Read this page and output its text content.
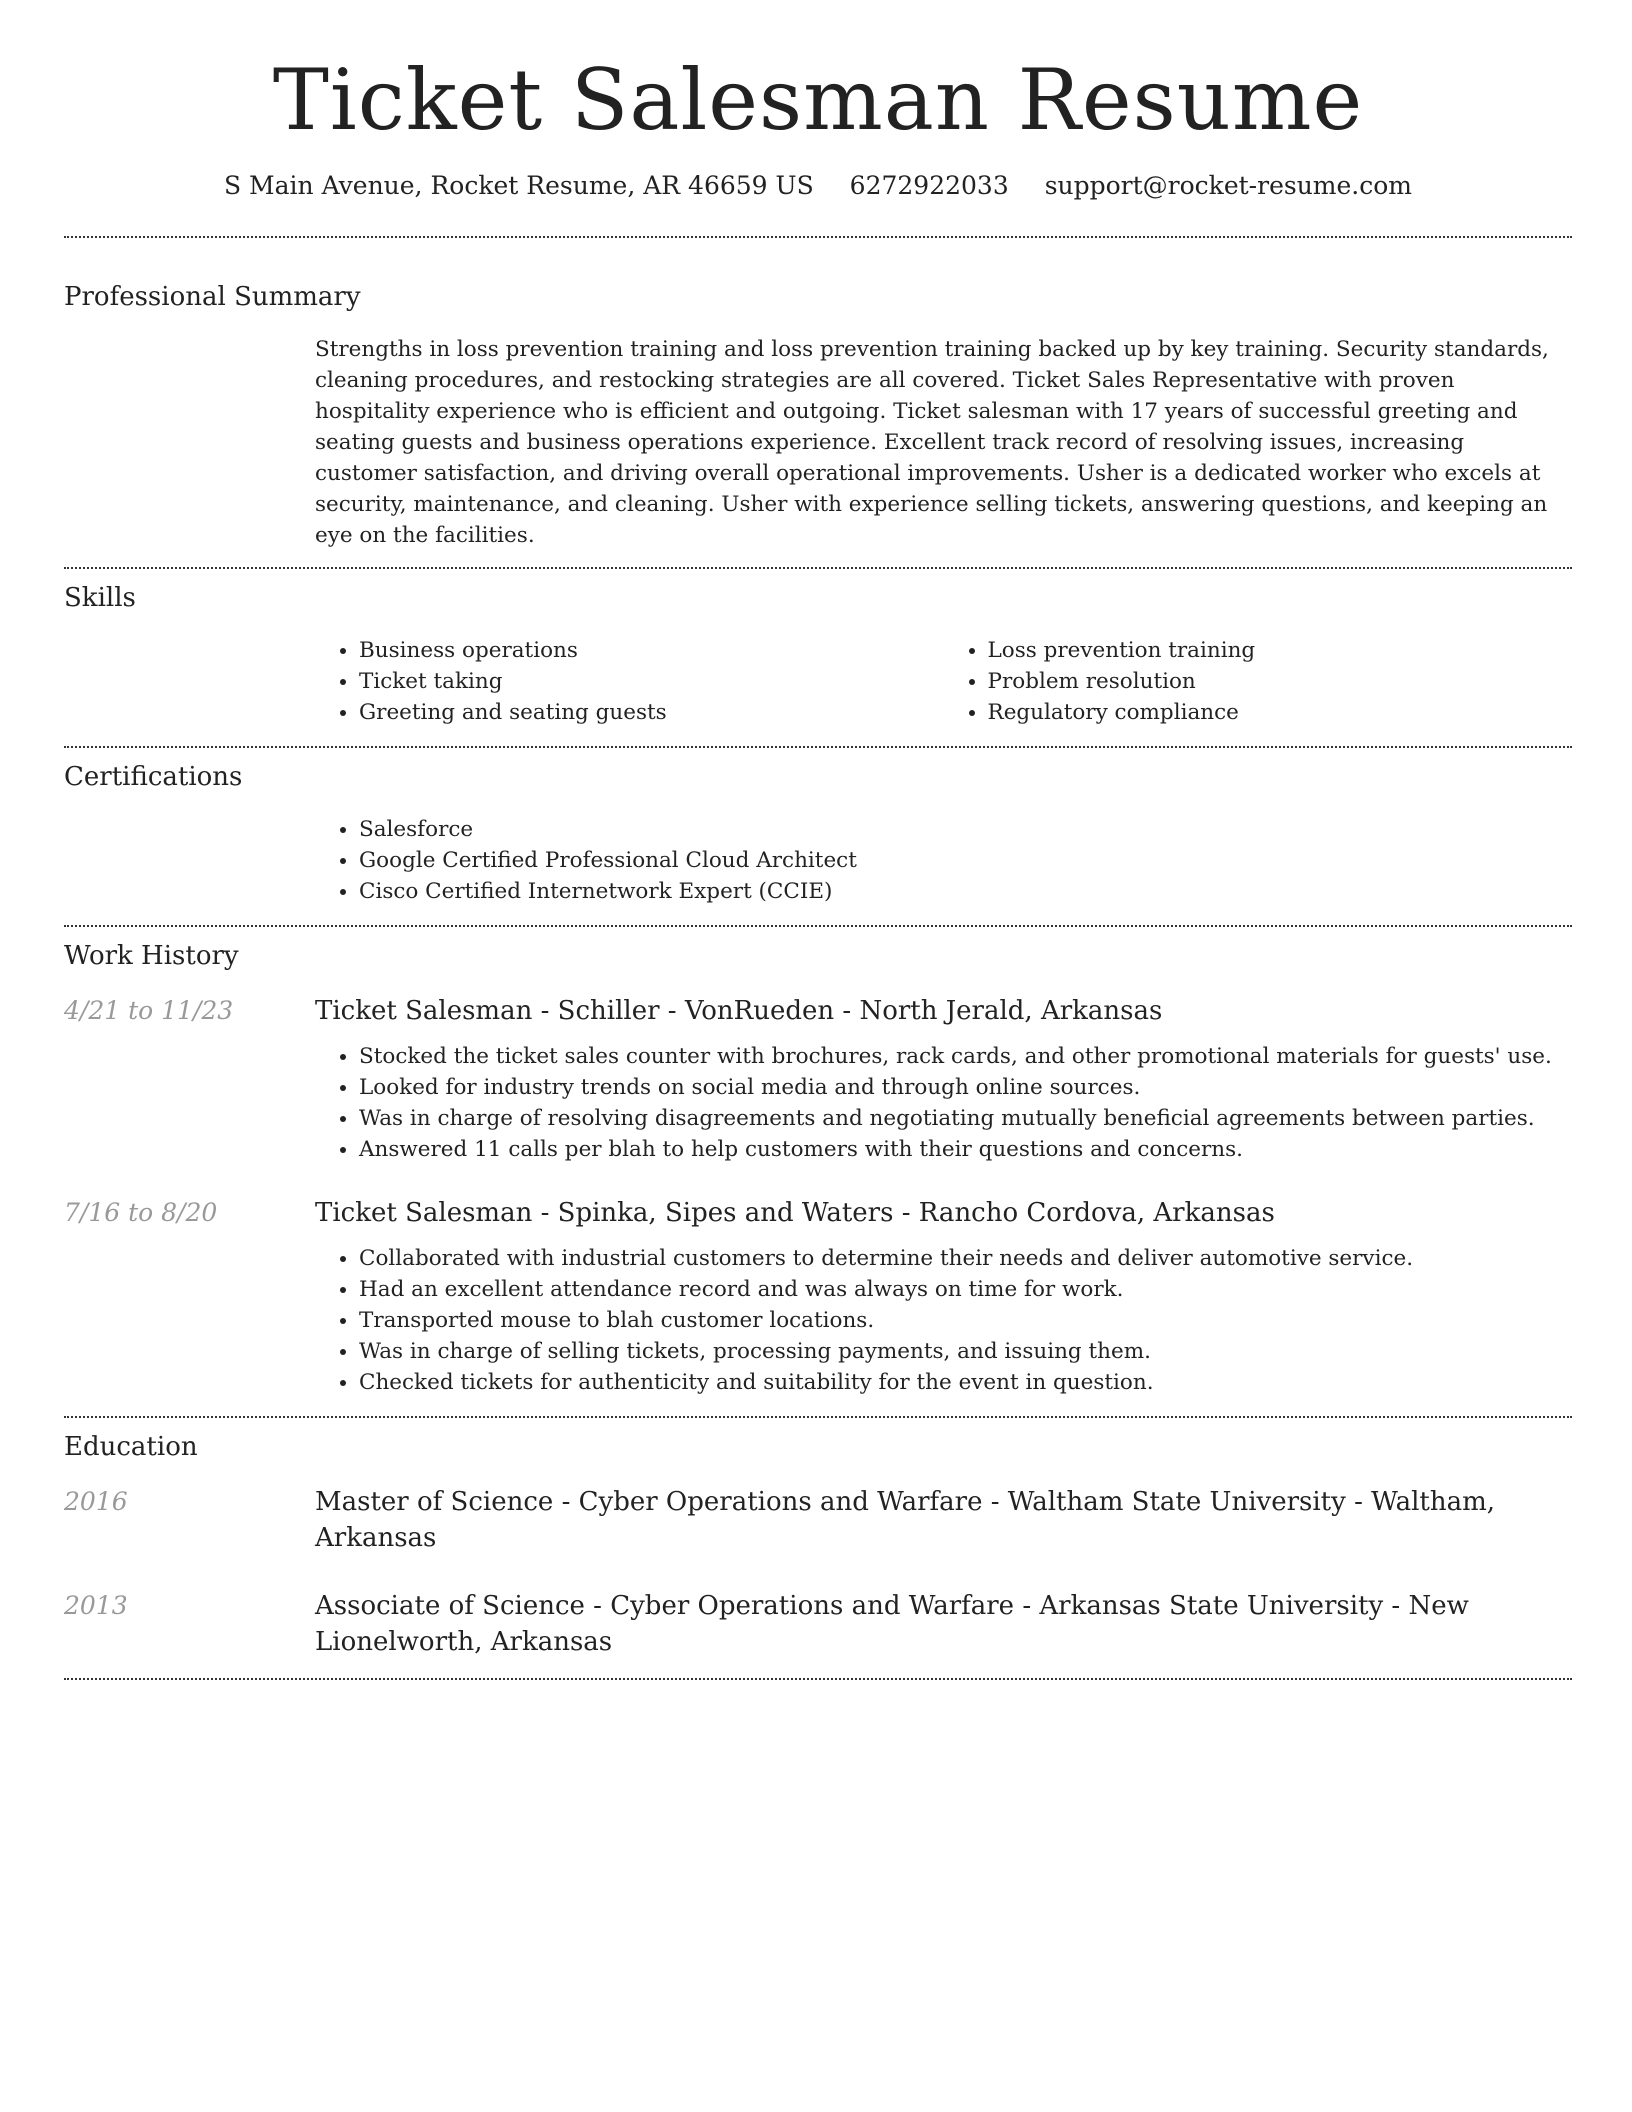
Ticket Salesman Resume
S Main Avenue, Rocket Resume, AR 46659 US 6272922033 support@rocket-resume.com
Professional Summary

Strengths in loss prevention training and loss prevention training backed up by key training. Security standards, cleaning procedures, and restocking strategies are all covered. Ticket Sales Representative with proven hospitality experience who is efficient and outgoing. Ticket salesman with 17 years of successful greeting and seating guests and business operations experience. Excellent track record of resolving issues, increasing customer satisfaction, and driving overall operational improvements. Usher is a dedicated worker who excels at security, maintenance, and cleaning. Usher with experience selling tickets, answering questions, and keeping an eye on the facilities.

Skills
• Business operations
• Ticket taking
• Greeting and seating guests
• Loss prevention training
• Problem resolution
• Regulatory compliance
Certifications
• Salesforce
• Google Certified Professional Cloud Architect
• Cisco Certified Internetwork Expert (CCIE)
Work History
4/21 to 11/23	Ticket Salesman - Schiller - VonRueden - North Jerald, Arkansas
• Stocked the ticket sales counter with brochures, rack cards, and other promotional materials for guests' use.
• Looked for industry trends on social media and through online sources.
• Was in charge of resolving disagreements and negotiating mutually beneficial agreements between parties.
• Answered 11 calls per blah to help customers with their questions and concerns.
7/16 to 8/20	Ticket Salesman - Spinka, Sipes and Waters - Rancho Cordova, Arkansas
• Collaborated with industrial customers to determine their needs and deliver automotive service.
• Had an excellent attendance record and was always on time for work.
• Transported mouse to blah customer locations.
• Was in charge of selling tickets, processing payments, and issuing them.
• Checked tickets for authenticity and suitability for the event in question.
Education
2016	Master of Science - Cyber Operations and Warfare - Waltham State University - Waltham, Arkansas
2013	Associate of Science - Cyber Operations and Warfare - Arkansas State University - New Lionelworth, Arkansas
